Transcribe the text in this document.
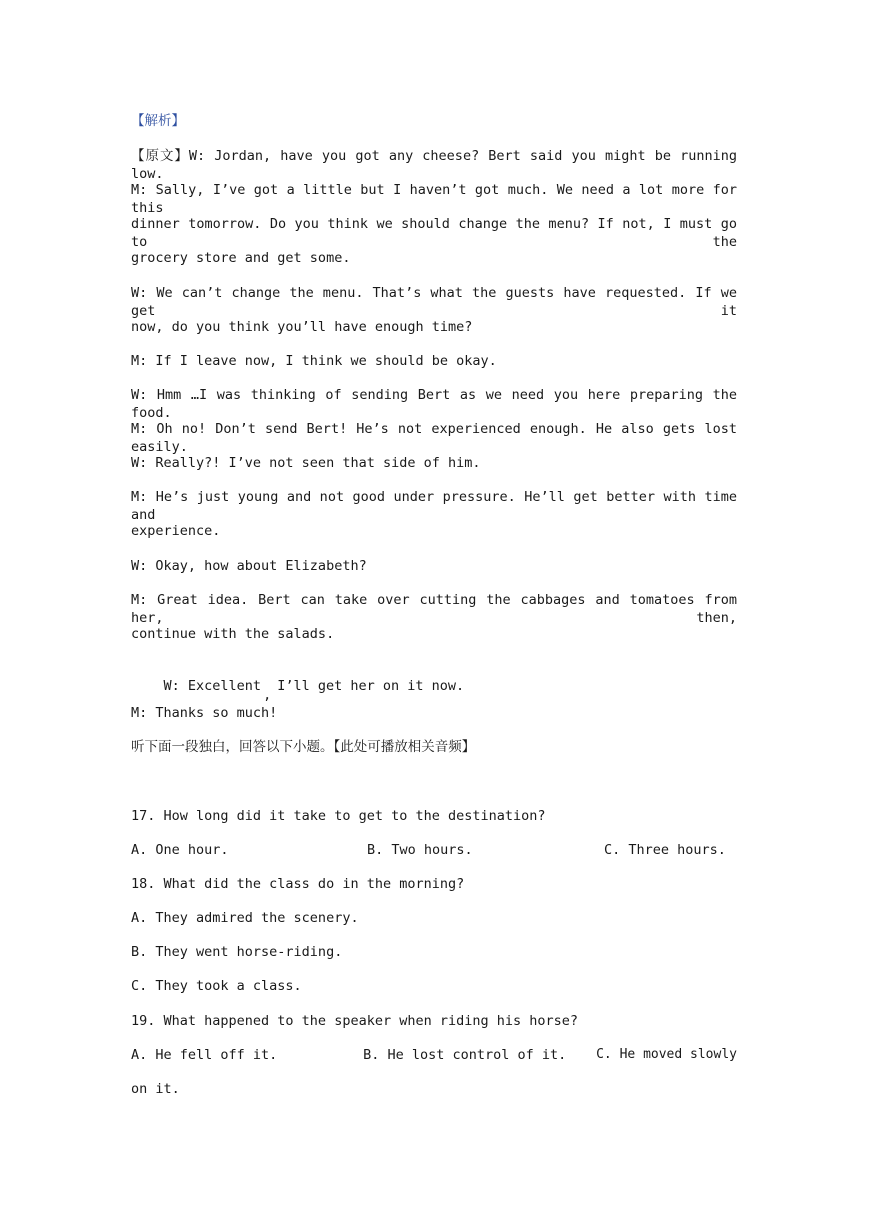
【解析】
【原文】W: Jordan, have you got any cheese? Bert said you might be running low.
M: Sally, I’ve got a little but I haven’t got much. We need a lot more for this
dinner tomorrow. Do you think we should change the menu? If not, I must go to the
grocery store and get some.
W: We can’t change the menu. That’s what the guests have requested. If we get it
now, do you think you’ll have enough time?
M: If I leave now, I think we should be okay.
W: Hmm …I was thinking of sending Bert as we need you here preparing the food.
M: Oh no! Don’t send Bert! He’s not experienced enough. He also gets lost easily.
W: Really?! I’ve not seen that side of him.
M: He’s just young and not good under pressure. He’ll get better with time and
experience.
W: Okay, how about Elizabeth?
M: Great idea. Bert can take over cutting the cabbages and tomatoes from her, then,
continue with the salads.

W: Excellent,I’ll get her on it now.

M: Thanks so much!
听下面一段独白，回答以下小题。【此处可播放相关音频】
17. How long did it take to get to the destination?
A. One hour.	B. Two hours.	C. Three hours.
18. What did the class do in the morning?
A. They admired the scenery.
B. They went horse-riding.
C. They took a class.
19. What happened to the speaker when riding his horse?
A. He fell off it.	B. He lost control of it.	C. He moved slowly
on it.
